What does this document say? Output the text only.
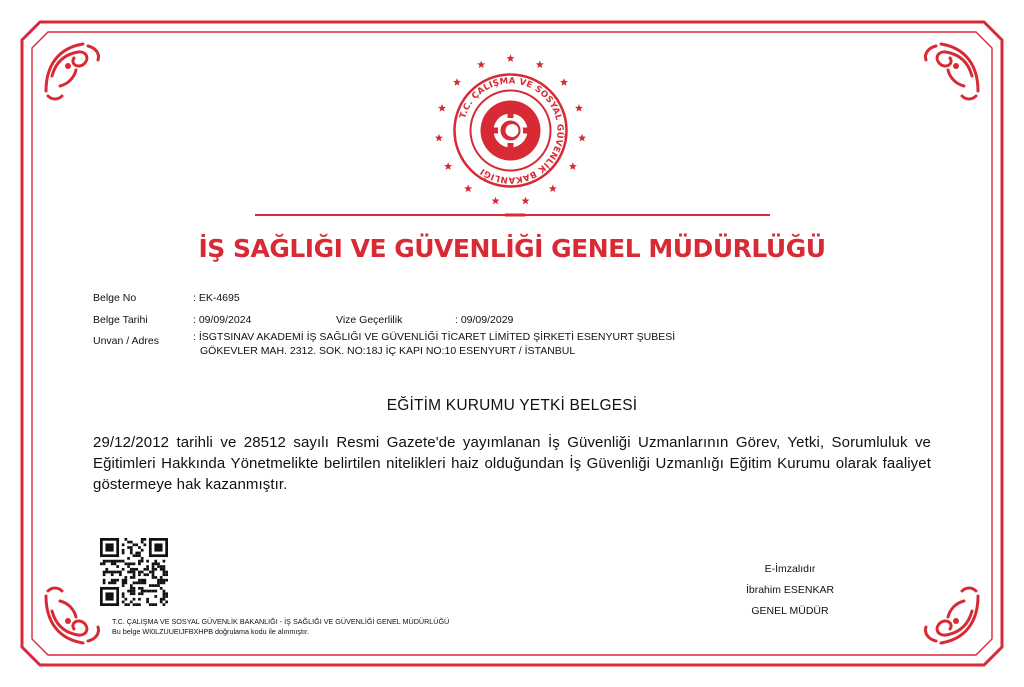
T.C. ÇALIŞMA VE SOSYAL GÜVENLİK BAKANLIĞI
İŞ SAĞLIĞI VE GÜVENLİĞİ GENEL MÜDÜRLÜĞÜ
Belge No	: EK-4695
Belge Tarihi	: 09/09/2024	Vize Geçerlilik	: 09/09/2029
Unvan / Adres	: İSGTSINAV AKADEMİ İŞ SAĞLIĞI VE GÜVENLİĞİ TİCARET LİMİTED ŞİRKETİ ESENYURT ŞUBESİ
GÖKEVLER MAH. 2312. SOK. NO:18J İÇ KAPI NO:10 ESENYURT / İSTANBUL
EĞİTİM KURUMU YETKİ BELGESİ
29/12/2012 tarihli ve 28512 sayılı Resmi Gazete'de yayımlanan İş Güvenliği Uzmanlarının Görev, Yetki, Sorumluluk ve Eğitimleri Hakkında Yönetmelikte belirtilen nitelikleri haiz olduğundan İş Güvenliği Uzmanlığı Eğitim Kurumu olarak faaliyet göstermeye hak kazanmıştır.
T.C. ÇALIŞMA VE SOSYAL GÜVENLİK BAKANLIĞI - İŞ SAĞLIĞI VE GÜVENLİĞİ GENEL MÜDÜRLÜĞÜ
Bu belge WI0LZUUEIJFBXHPB doğrulama kodu ile alınmıştır.
E-İmzalıdır
İbrahim ESENKAR
GENEL MÜDÜR
